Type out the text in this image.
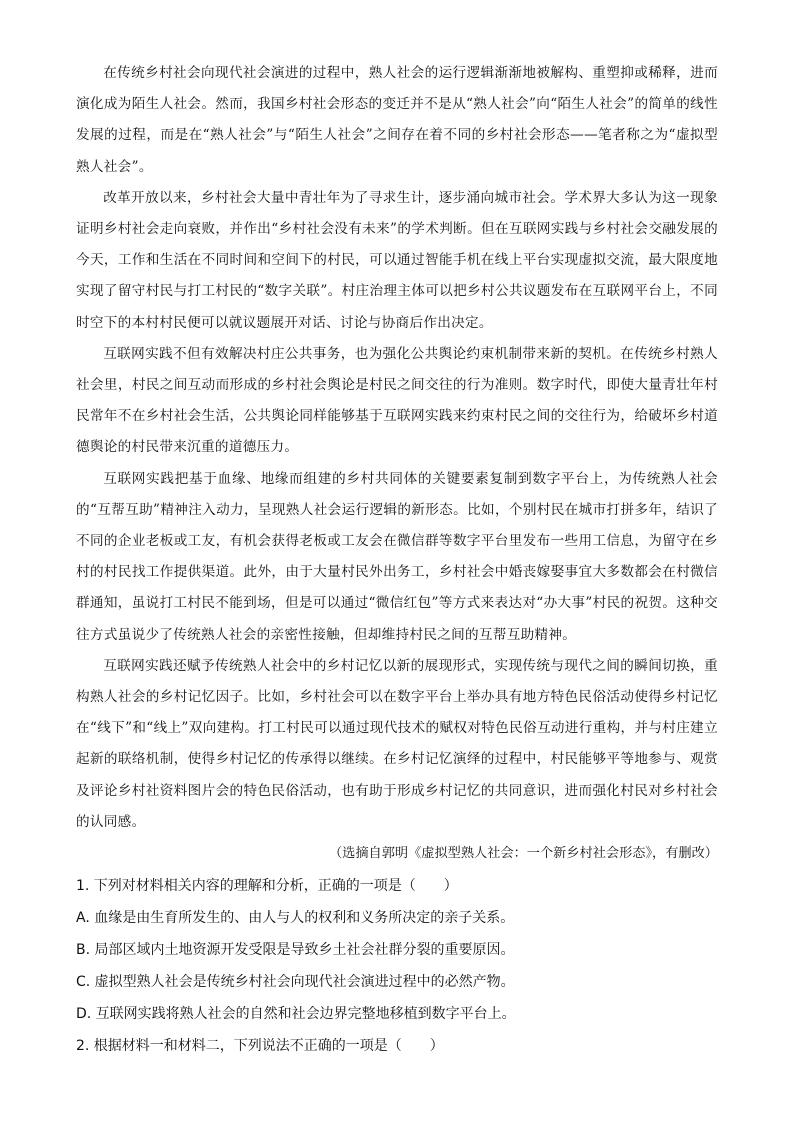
在传统乡村社会向现代社会演进的过程中，熟人社会的运行逻辑渐渐地被解构、重塑抑或稀释，进而演化成为陌生人社会。然而，我国乡村社会形态的变迁并不是从“熟人社会”向“陌生人社会”的简单的线性发展的过程，而是在“熟人社会”与“陌生人社会”之间存在着不同的乡村社会形态——笔者称之为“虚拟型熟人社会”。

改革开放以来，乡村社会大量中青壮年为了寻求生计，逐步涌向城市社会。学术界大多认为这一现象证明乡村社会走向衰败，并作出“乡村社会没有未来”的学术判断。但在互联网实践与乡村社会交融发展的今天，工作和生活在不同时间和空间下的村民，可以通过智能手机在线上平台实现虚拟交流，最大限度地实现了留守村民与打工村民的“数字关联”。村庄治理主体可以把乡村公共议题发布在互联网平台上，不同时空下的本村村民便可以就议题展开对话、讨论与协商后作出决定。

互联网实践不但有效解决村庄公共事务，也为强化公共舆论约束机制带来新的契机。在传统乡村熟人社会里，村民之间互动而形成的乡村社会舆论是村民之间交往的行为准则。数字时代，即使大量青壮年村民常年不在乡村社会生活，公共舆论同样能够基于互联网实践来约束村民之间的交往行为，给破坏乡村道德舆论的村民带来沉重的道德压力。

互联网实践把基于血缘、地缘而组建的乡村共同体的关键要素复制到数字平台上，为传统熟人社会的“互帮互助”精神注入动力，呈现熟人社会运行逻辑的新形态。比如，个别村民在城市打拼多年，结识了不同的企业老板或工友，有机会获得老板或工友会在微信群等数字平台里发布一些用工信息，为留守在乡村的村民找工作提供渠道。此外，由于大量村民外出务工，乡村社会中婚丧嫁娶事宜大多数都会在村微信群通知，虽说打工村民不能到场，但是可以通过“微信红包”等方式来表达对“办大事”村民的祝贺。这种交往方式虽说少了传统熟人社会的亲密性接触，但却维持村民之间的互帮互助精神。

互联网实践还赋予传统熟人社会中的乡村记忆以新的展现形式，实现传统与现代之间的瞬间切换，重构熟人社会的乡村记忆因子。比如，乡村社会可以在数字平台上举办具有地方特色民俗活动使得乡村记忆在“线下”和“线上”双向建构。打工村民可以通过现代技术的赋权对特色民俗互动进行重构，并与村庄建立起新的联络机制，使得乡村记忆的传承得以继续。在乡村记忆演绎的过程中，村民能够平等地参与、观赏及评论乡村社资料图片会的特色民俗活动，也有助于形成乡村记忆的共同意识，进而强化村民对乡村社会的认同感。

（选摘自郭明《虚拟型熟人社会：一个新乡村社会形态》，有删改）

1. 下列对材料相关内容的理解和分析，正确的一项是（　　）

A. 血缘是由生育所发生的、由人与人的权利和义务所决定的亲子关系。

B. 局部区域内土地资源开发受限是导致乡土社会社群分裂的重要原因。

C. 虚拟型熟人社会是传统乡村社会向现代社会演进过程中的必然产物。

D. 互联网实践将熟人社会的自然和社会边界完整地移植到数字平台上。

2. 根据材料一和材料二，下列说法不正确的一项是（　　）
